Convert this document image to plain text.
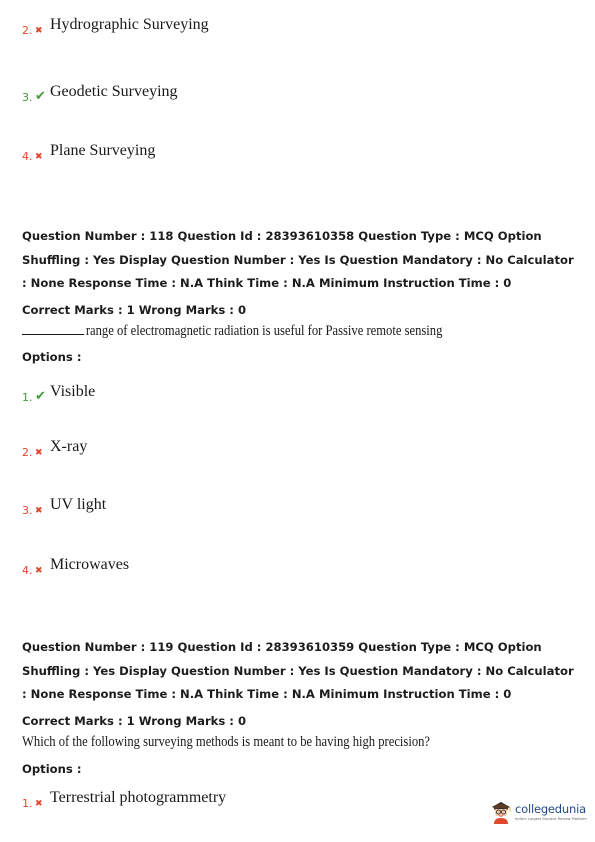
2. ✖ Hydrographic Surveying
3. ✔ Geodetic Surveying
4. ✖ Plane Surveying
Question Number : 118 Question Id : 28393610358 Question Type : MCQ Option Shuffling : Yes Display Question Number : Yes Is Question Mandatory : No Calculator : None Response Time : N.A Think Time : N.A Minimum Instruction Time : 0
Correct Marks : 1 Wrong Marks : 0
range of electromagnetic radiation is useful for Passive remote sensing
Options :
1. ✔ Visible
2. ✖ X-ray
3. ✖ UV light
4. ✖ Microwaves
Question Number : 119 Question Id : 28393610359 Question Type : MCQ Option Shuffling : Yes Display Question Number : Yes Is Question Mandatory : No Calculator : None Response Time : N.A Think Time : N.A Minimum Instruction Time : 0
Correct Marks : 1 Wrong Marks : 0
Which of the following surveying methods is meant to be having high precision?
Options :
1. ✖ Terrestrial photogrammetry
collegedunia
India's Largest Student Review Platform
